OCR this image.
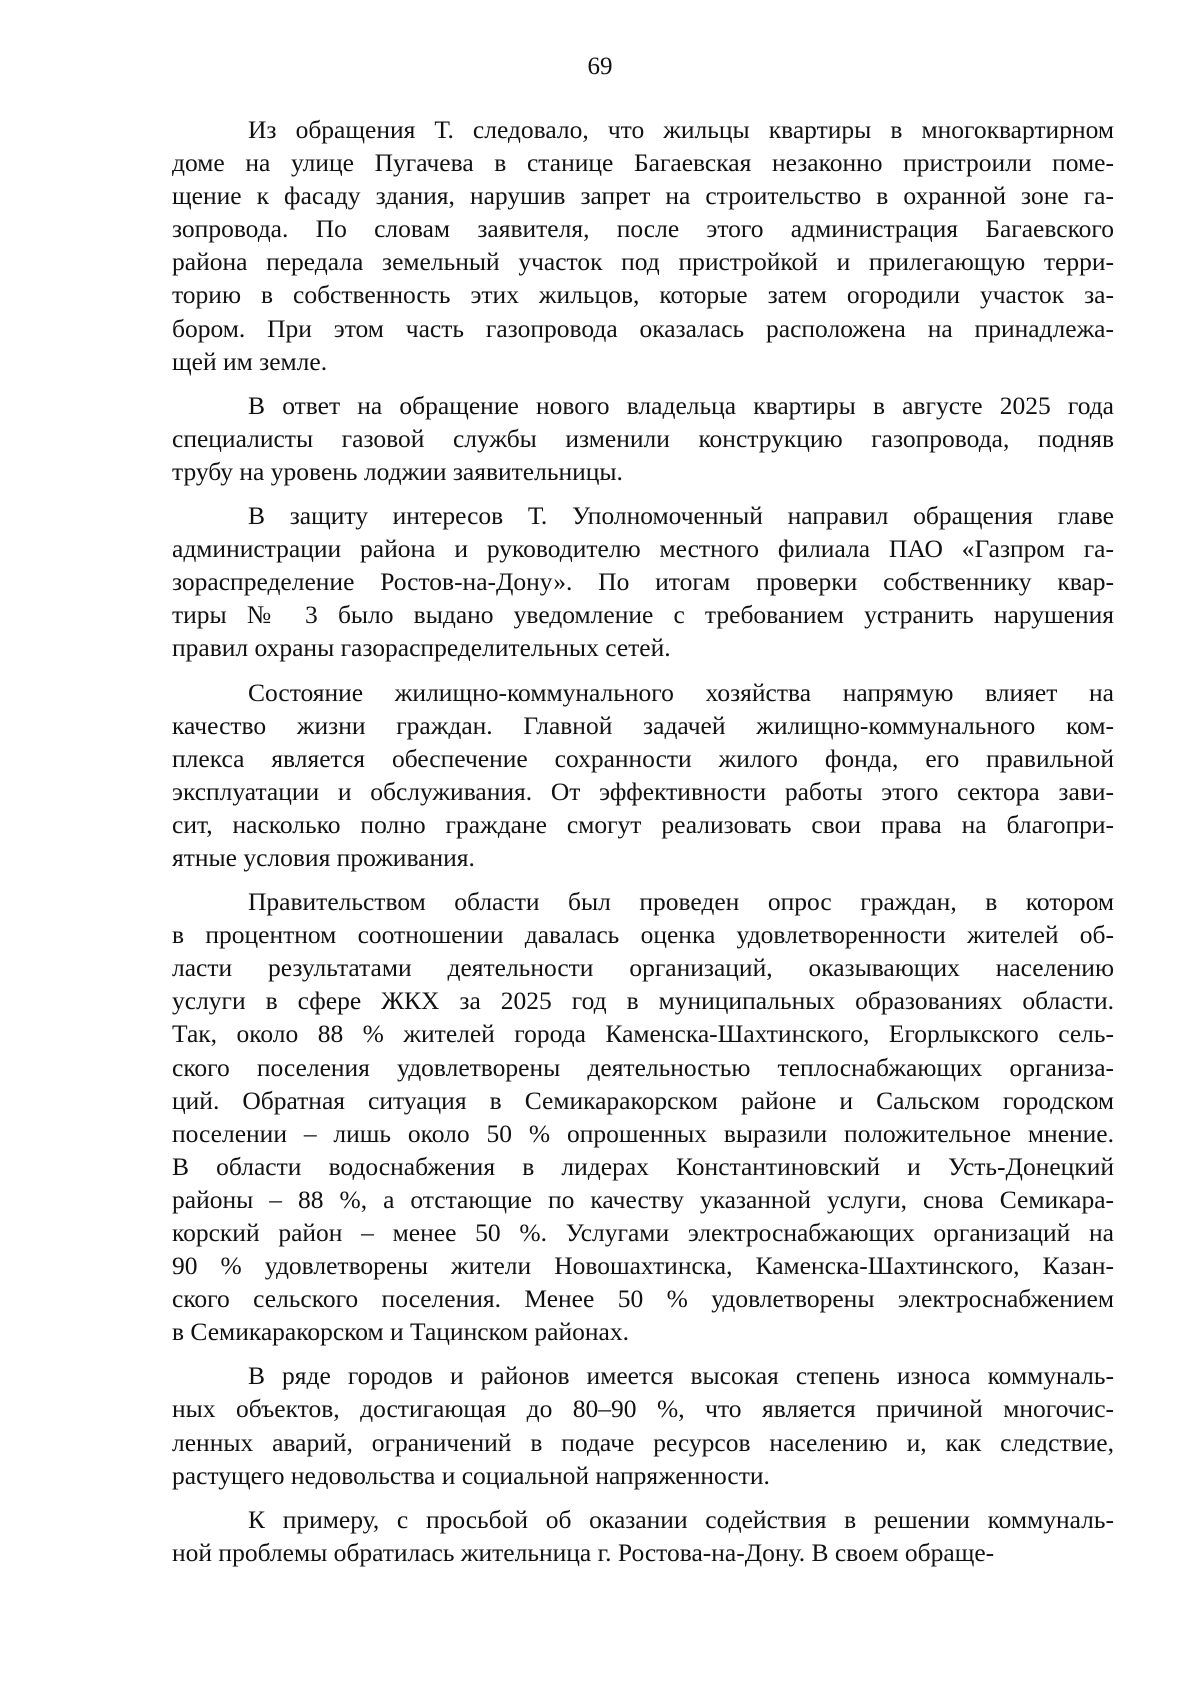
69
Из обращения Т. следовало, что жильцы квартиры в многоквартирном
доме на улице Пугачева в станице Багаевская незаконно пристроили поме-
щение к фасаду здания, нарушив запрет на строительство в охранной зоне га-
зопровода. По словам заявителя, после этого администрация Багаевского
района передала земельный участок под пристройкой и прилегающую терри-
торию в собственность этих жильцов, которые затем огородили участок за-
бором. При этом часть газопровода оказалась расположена на принадлежа-
щей им земле.
В ответ на обращение нового владельца квартиры в августе 2025 года
специалисты газовой службы изменили конструкцию газопровода, подняв
трубу на уровень лоджии заявительницы.
В защиту интересов Т. Уполномоченный направил обращения главе
администрации района и руководителю местного филиала ПАО «Газпром га-
зораспределение Ростов-на-Дону». По итогам проверки собственнику квар-
тиры № 3 было выдано уведомление с требованием устранить нарушения
правил охраны газораспределительных сетей.
Состояние жилищно-коммунального хозяйства напрямую влияет на
качество жизни граждан. Главной задачей жилищно-коммунального ком-
плекса является обеспечение сохранности жилого фонда, его правильной
эксплуатации и обслуживания. От эффективности работы этого сектора зави-
сит, насколько полно граждане смогут реализовать свои права на благопри-
ятные условия проживания.
Правительством области был проведен опрос граждан, в котором
в процентном соотношении давалась оценка удовлетворенности жителей об-
ласти результатами деятельности организаций, оказывающих населению
услуги в сфере ЖКХ за 2025 год в муниципальных образованиях области.
Так, около 88 % жителей города Каменска-Шахтинского, Егорлыкского сель-
ского поселения удовлетворены деятельностью теплоснабжающих организа-
ций. Обратная ситуация в Семикаракорском районе и Сальском городском
поселении – лишь около 50 % опрошенных выразили положительное мнение.
В области водоснабжения в лидерах Константиновский и Усть-Донецкий
районы – 88 %, а отстающие по качеству указанной услуги, снова Семикара-
корский район – менее 50 %. Услугами электроснабжающих организаций на
90 % удовлетворены жители Новошахтинска, Каменска-Шахтинского, Казан-
ского сельского поселения. Менее 50 % удовлетворены электроснабжением
в Семикаракорском и Тацинском районах.
В ряде городов и районов имеется высокая степень износа коммуналь-
ных объектов, достигающая до 80–90 %, что является причиной многочис-
ленных аварий, ограничений в подаче ресурсов населению и, как следствие,
растущего недовольства и социальной напряженности.
К примеру, с просьбой об оказании содействия в решении коммуналь-
ной проблемы обратилась жительница г. Ростова-на-Дону. В своем обраще-
